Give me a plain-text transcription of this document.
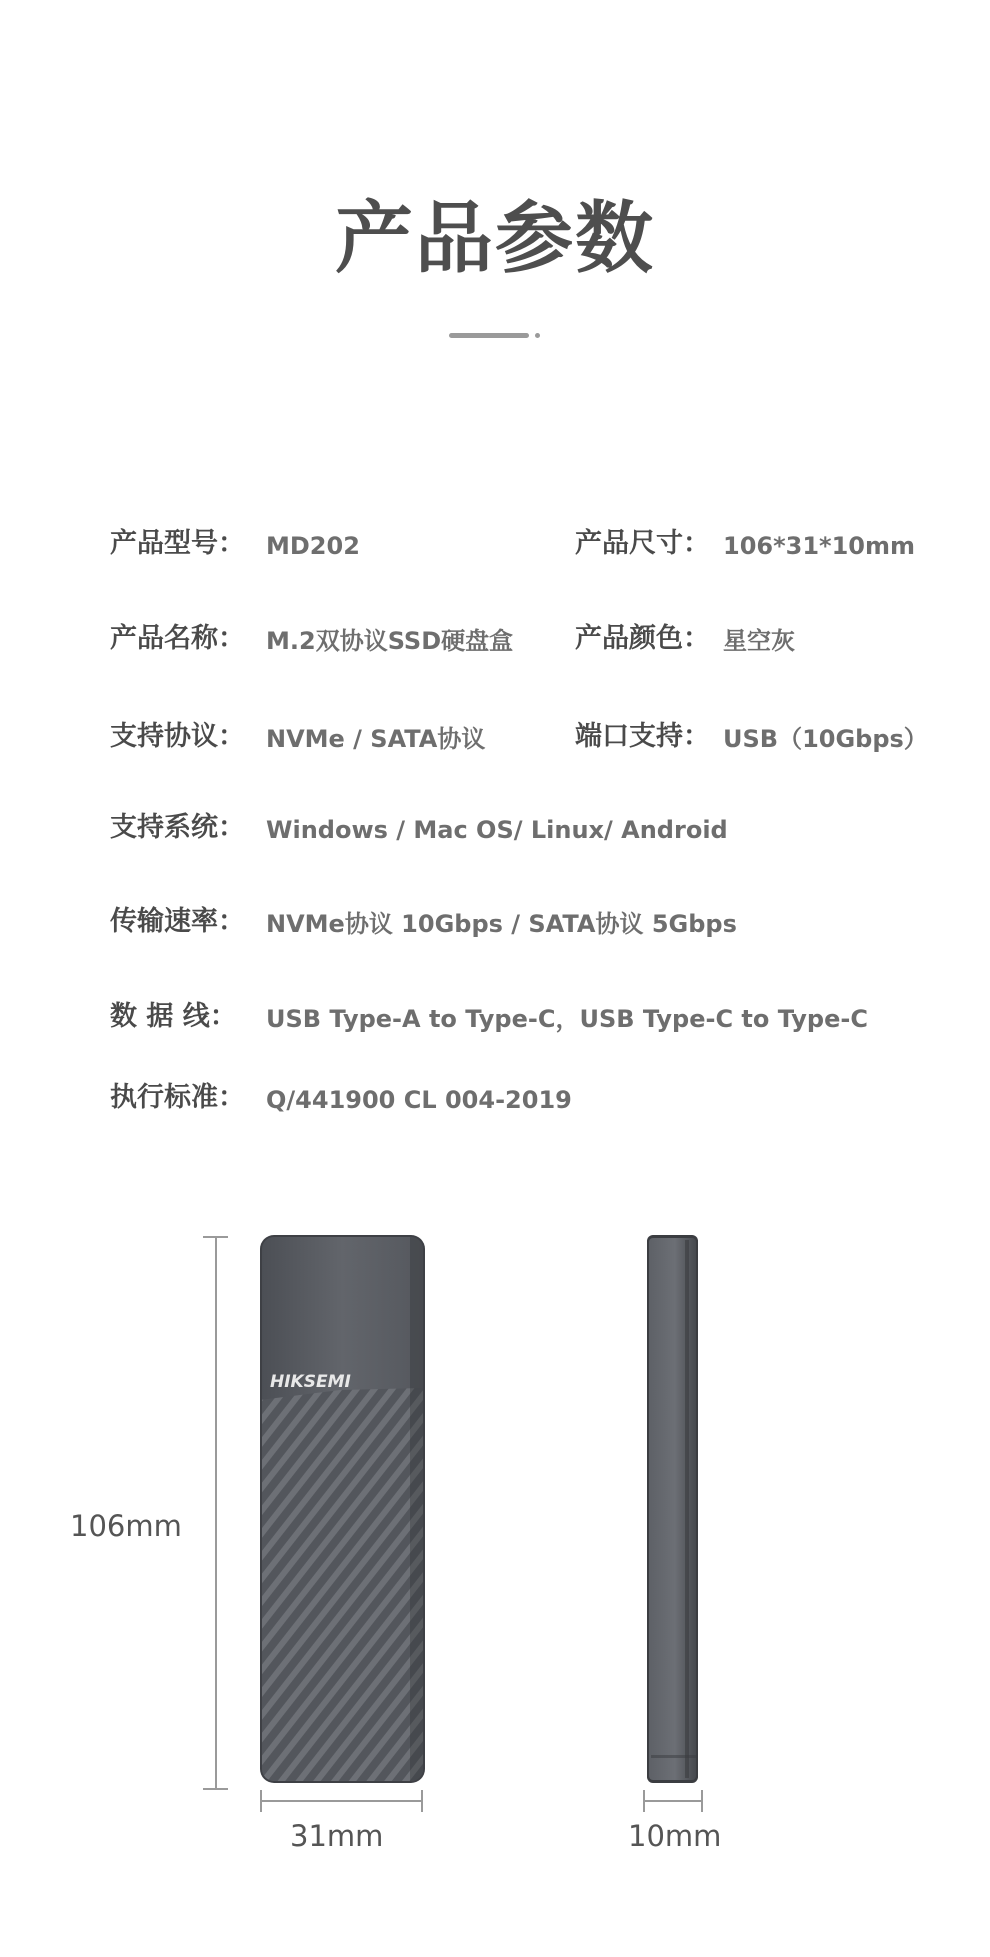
产品参数
产品型号： MD202	产品尺寸： 106*31*10mm
产品名称： M.2双协议SSD硬盘盒 产品颜色： 星空灰
支持协议： NVMe / SATA协议	端口支持： USB（10Gbps）
支持系统： Windows / Mac OS/ Linux/ Android
传输速率： NVMe协议 10Gbps / SATA协议 5Gbps
数 据 线： USB Type-A to Type-C，USB Type-C to Type-C
执行标准： Q/441900 CL 004-2019
106mm
HIKSEMI
31mm	10mm
